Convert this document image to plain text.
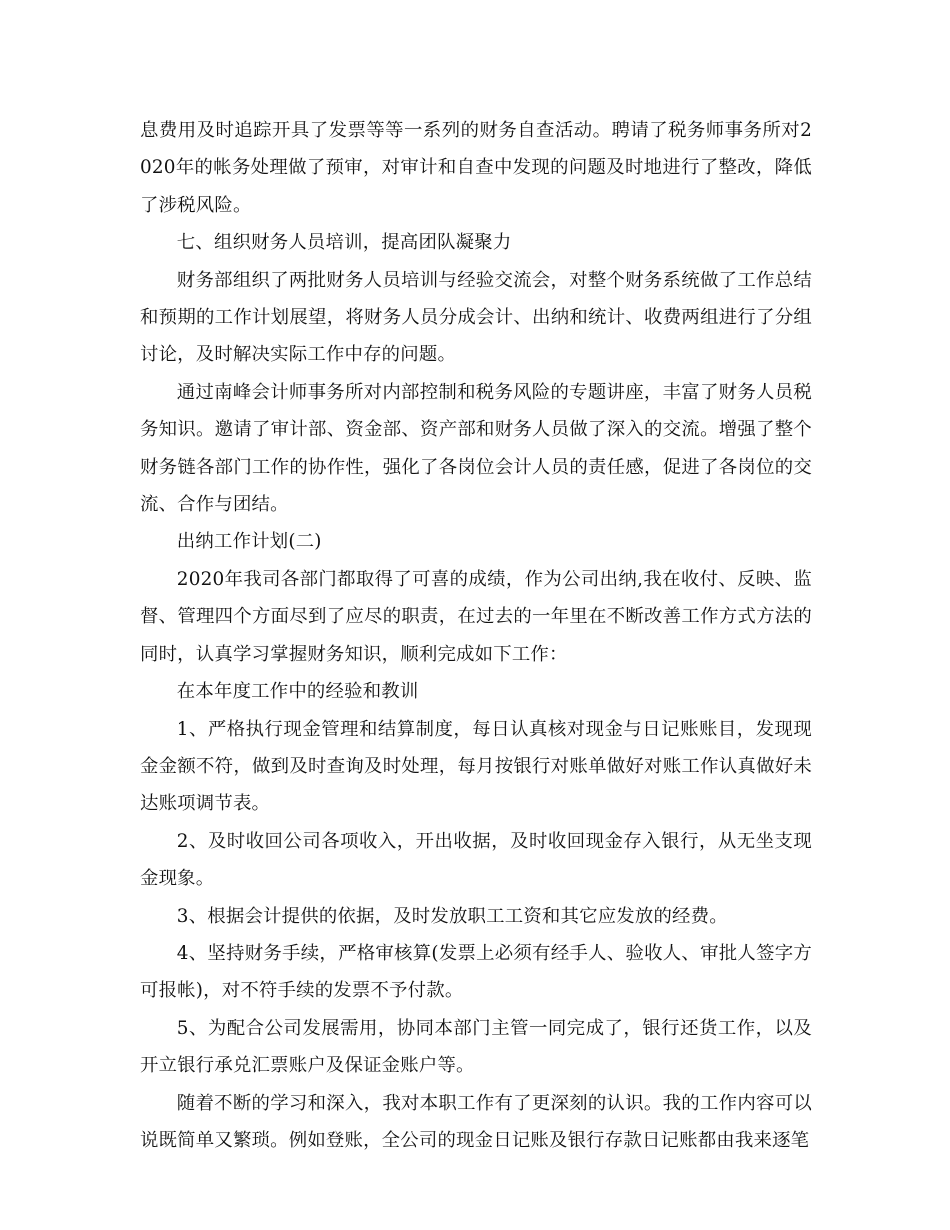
息费用及时追踪开具了发票等等一系列的财务自查活动。聘请了税务师事务所对2020年的帐务处理做了预审，对审计和自查中发现的问题及时地进行了整改，降低了涉税风险。

七、组织财务人员培训，提高团队凝聚力

财务部组织了两批财务人员培训与经验交流会，对整个财务系统做了工作总结和预期的工作计划展望，将财务人员分成会计、出纳和统计、收费两组进行了分组讨论，及时解决实际工作中存的问题。

通过南峰会计师事务所对内部控制和税务风险的专题讲座，丰富了财务人员税务知识。邀请了审计部、资金部、资产部和财务人员做了深入的交流。增强了整个财务链各部门工作的协作性，强化了各岗位会计人员的责任感，促进了各岗位的交流、合作与团结。

出纳工作计划(二)

2020年我司各部门都取得了可喜的成绩，作为公司出纳,我在收付、反映、监督、管理四个方面尽到了应尽的职责，在过去的一年里在不断改善工作方式方法的同时，认真学习掌握财务知识，顺利完成如下工作：

在本年度工作中的经验和教训

1、严格执行现金管理和结算制度，每日认真核对现金与日记账账目，发现现金金额不符，做到及时查询及时处理，每月按银行对账单做好对账工作认真做好未达账项调节表。

2、及时收回公司各项收入，开出收据，及时收回现金存入银行，从无坐支现金现象。

3、根据会计提供的依据，及时发放职工工资和其它应发放的经费。

4、坚持财务手续，严格审核算(发票上必须有经手人、验收人、审批人签字方可报帐)，对不符手续的发票不予付款。

5、为配合公司发展需用，协同本部门主管一同完成了，银行还货工作，以及开立银行承兑汇票账户及保证金账户等。

随着不断的学习和深入，我对本职工作有了更深刻的认识。我的工作内容可以说既简单又繁琐。例如登账，全公司的现金日记账及银行存款日记账都由我来逐笔
